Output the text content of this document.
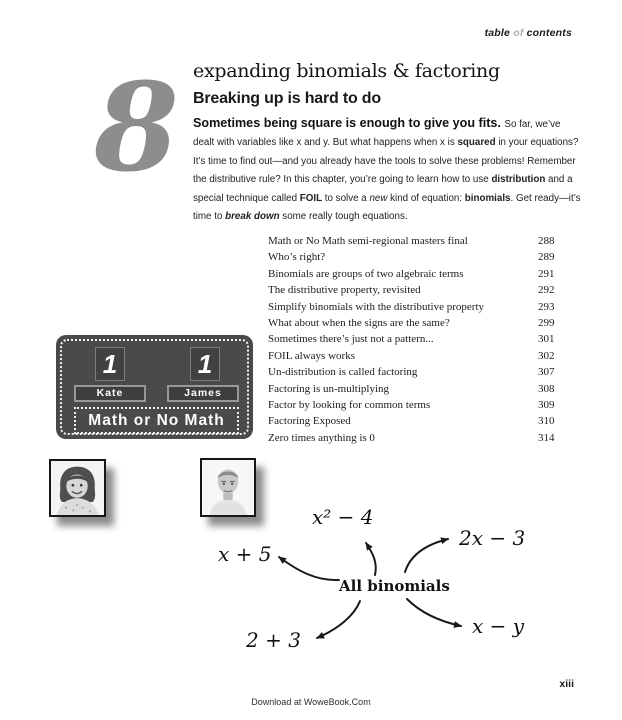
table of contents
8 expanding binomials & factoring
Breaking up is hard to do
Sometimes being square is enough to give you fits. So far, we’ve dealt with variables like x and y. But what happens when x is squared in your equations? It’s time to find out—and you already have the tools to solve these problems! Remember the distributive rule? In this chapter, you’re going to learn how to use distribution and a special technique called FOIL to solve a new kind of equation: binomials. Get ready—it’s time to break down some really tough equations.
Math or No Math semi-regional masters final	288
Who’s right?	289
Binomials are groups of two algebraic terms	291
The distributive property, revisited	292
Simplify binomials with the distributive property	293
What about when the signs are the same?	299
Sometimes there’s just not a pattern...	301
FOIL always works	302
Un-distribution is called factoring	307
Factoring is un-multiplying	308
Factor by looking for common terms	309
Factoring Exposed	310
Zero times anything is 0	314
1	1
Kate	James
Math or No Math
x² − 4
2x − 3
x + 5
x − y
2 + 3
All binomials
Download at WoweBook.Com
xiii
